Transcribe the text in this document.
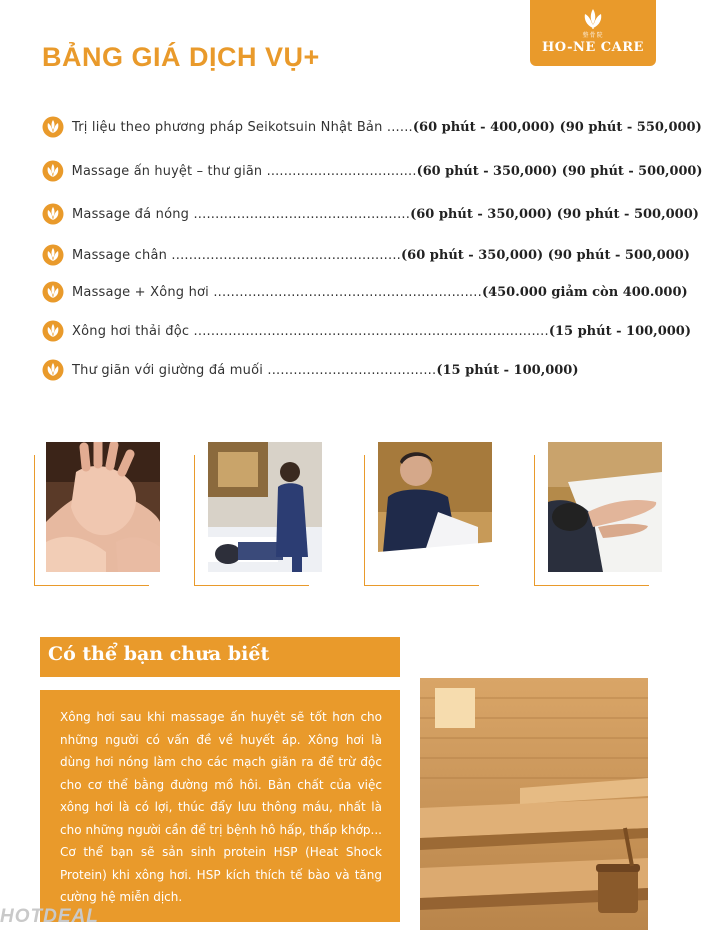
整骨院
HO-NE CARE
BẢNG GIÁ DỊCH VỤ+
Trị liệu theo phương pháp Seikotsuin Nhật Bản ...... (60 phút - 400,000) (90 phút - 550,000)
Massage ấn huyệt – thư giãn ................................... (60 phút - 350,000) (90 phút - 500,000)
Massage đá nóng .................................................. (60 phút - 350,000) (90 phút - 500,000)
Massage chân ..................................................... (60 phút - 350,000) (90 phút - 500,000)
Massage + Xông hơi .............................................................. (450.000 giảm còn 400.000)
Xông hơi thải độc .................................................................................. (15 phút - 100,000)
Thư giãn với giường đá muối ....................................... (15 phút - 100,000)
Có thể bạn chưa biết
Xông hơi sau khi massage ấn huyệt sẽ tốt hơn cho những người có vấn đề về huyết áp. Xông hơi là dùng hơi nóng làm cho các mạch giãn ra để trừ độc cho cơ thể bằng đường mồ hôi. Bản chất của việc xông hơi là có lợi, thúc đẩy lưu thông máu, nhất là cho những người cần để trị bệnh hô hấp, thấp khớp... Cơ thể bạn sẽ sản sinh protein HSP (Heat Shock Protein) khi xông hơi. HSP kích thích tế bào và tăng cường hệ miễn dịch.
HOTDEAL
